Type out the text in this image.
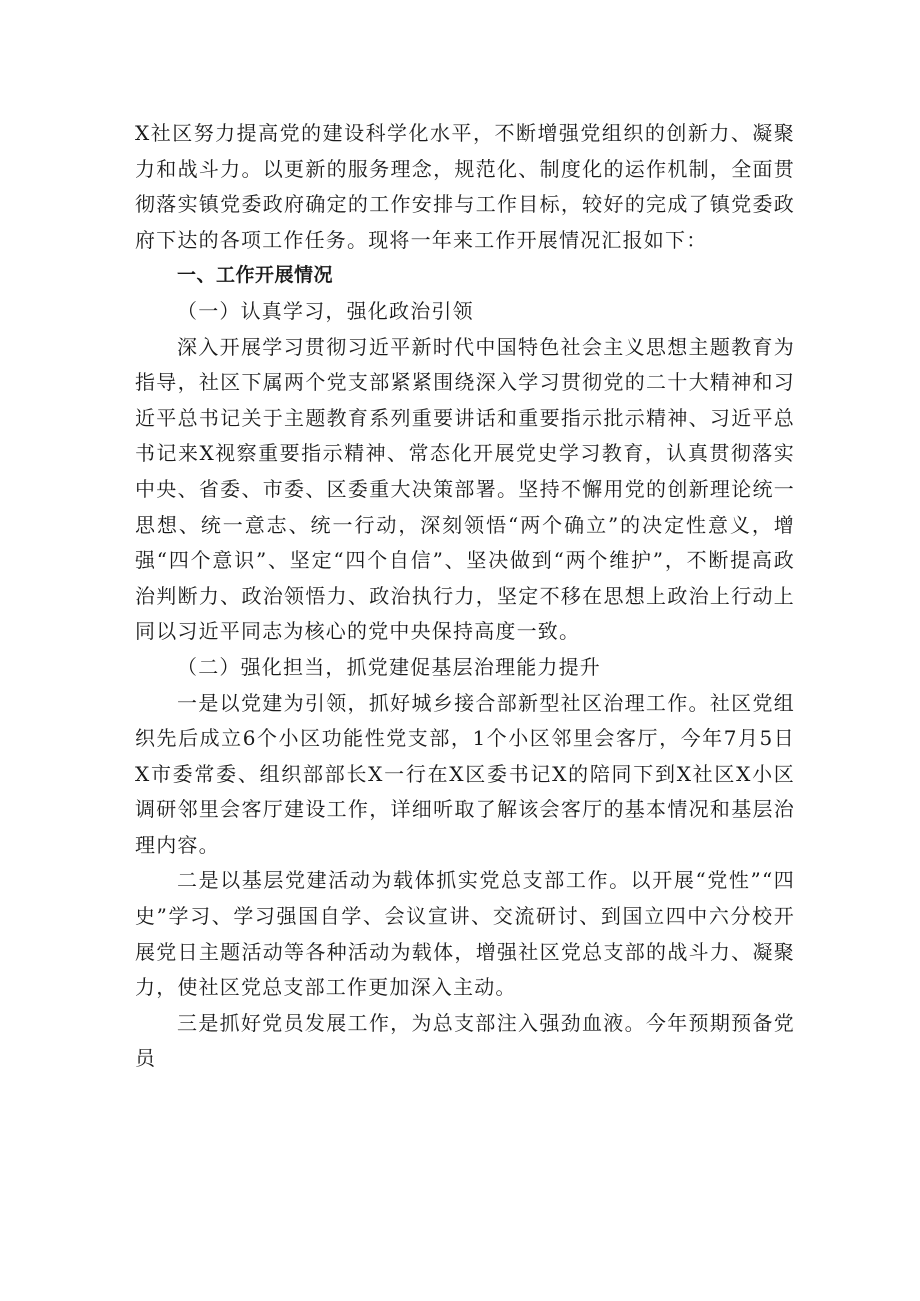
X社区努力提高党的建设科学化水平，不断增强党组织的创新力、凝聚力和战斗力。以更新的服务理念，规范化、制度化的运作机制，全面贯彻落实镇党委政府确定的工作安排与工作目标，较好的完成了镇党委政府下达的各项工作任务。现将一年来工作开展情况汇报如下：

一、工作开展情况

（一）认真学习，强化政治引领

深入开展学习贯彻习近平新时代中国特色社会主义思想主题教育为指导，社区下属两个党支部紧紧围绕深入学习贯彻党的二十大精神和习近平总书记关于主题教育系列重要讲话和重要指示批示精神、习近平总书记来X视察重要指示精神、常态化开展党史学习教育，认真贯彻落实中央、省委、市委、区委重大决策部署。坚持不懈用党的创新理论统一思想、统一意志、统一行动，深刻领悟“两个确立”的决定性意义，增强“四个意识”、坚定“四个自信”、坚决做到“两个维护”，不断提高政治判断力、政治领悟力、政治执行力，坚定不移在思想上政治上行动上同以习近平同志为核心的党中央保持高度一致。

（二）强化担当，抓党建促基层治理能力提升

一是以党建为引领，抓好城乡接合部新型社区治理工作。社区党组织先后成立6个小区功能性党支部，1个小区邻里会客厅，今年7月5日X市委常委、组织部部长X一行在X区委书记X的陪同下到X社区X小区调研邻里会客厅建设工作，详细听取了解该会客厅的基本情况和基层治理内容。

二是以基层党建活动为载体抓实党总支部工作。以开展“党性”“四史”学习、学习强国自学、会议宣讲、交流研讨、到国立四中六分校开展党日主题活动等各种活动为载体，增强社区党总支部的战斗力、凝聚力，使社区党总支部工作更加深入主动。

三是抓好党员发展工作，为总支部注入强劲血液。今年预期预备党员
